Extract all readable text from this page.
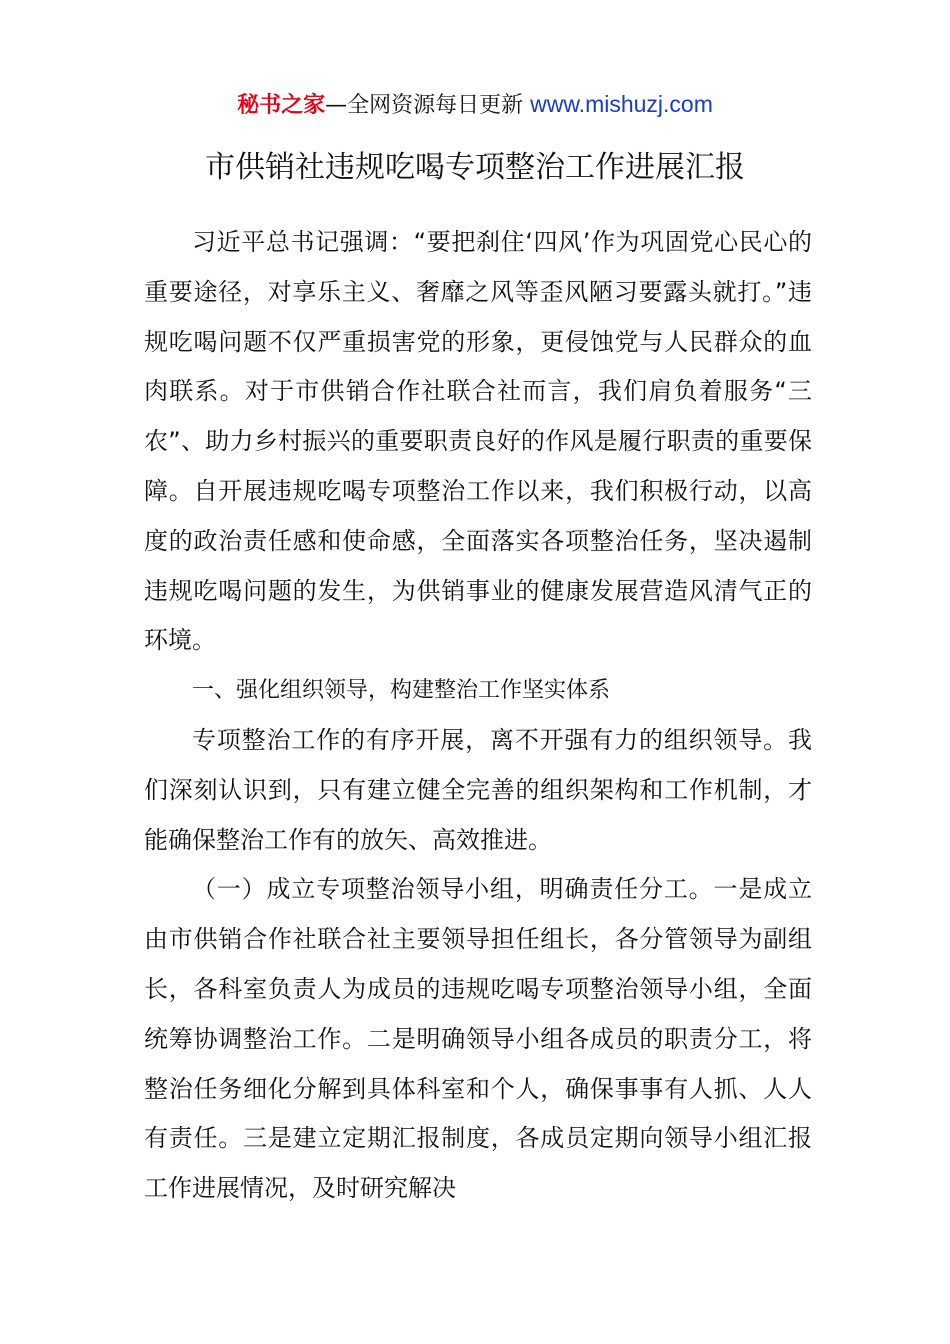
秘书之家—全网资源每日更新 www.mishuzj.com
市供销社违规吃喝专项整治工作进展汇报

习近平总书记强调：“要把刹住‘四风’作为巩固党心民心的重要途径，对享乐主义、奢靡之风等歪风陋习要露头就打。”违规吃喝问题不仅严重损害党的形象，更侵蚀党与人民群众的血肉联系。对于市供销合作社联合社而言，我们肩负着服务“三农”、助力乡村振兴的重要职责良好的作风是履行职责的重要保障。自开展违规吃喝专项整治工作以来，我们积极行动，以高度的政治责任感和使命感，全面落实各项整治任务，坚决遏制违规吃喝问题的发生，为供销事业的健康发展营造风清气正的环境。

一、强化组织领导，构建整治工作坚实体系

专项整治工作的有序开展，离不开强有力的组织领导。我们深刻认识到，只有建立健全完善的组织架构和工作机制，才能确保整治工作有的放矢、高效推进。

（一）成立专项整治领导小组，明确责任分工。一是成立由市供销合作社联合社主要领导担任组长，各分管领导为副组长，各科室负责人为成员的违规吃喝专项整治领导小组，全面统筹协调整治工作。二是明确领导小组各成员的职责分工，将整治任务细化分解到具体科室和个人，确保事事有人抓、人人有责任。三是建立定期汇报制度，各成员定期向领导小组汇报工作进展情况，及时研究解决
